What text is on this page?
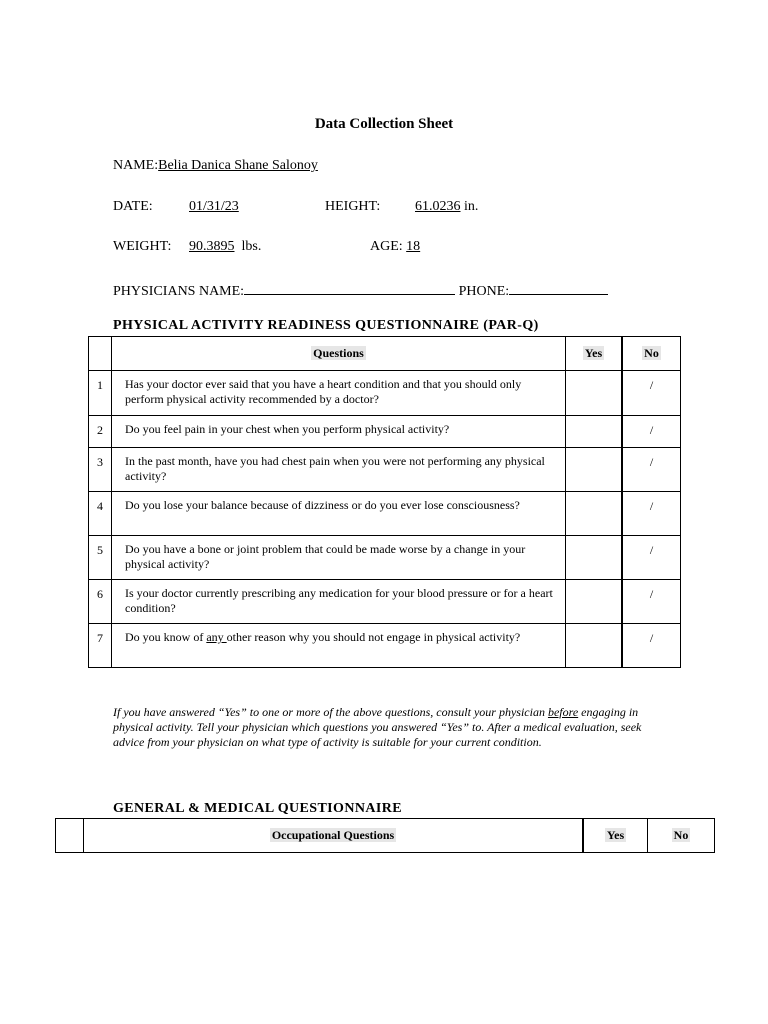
Data Collection Sheet
NAME:Belia Danica Shane Salonoy
DATE:	01/31/23	HEIGHT: 61.0236 in.
WEIGHT: 90.3895 lbs.	AGE: 18
PHYSICIANS NAME:	PHONE:
PHYSICAL ACTIVITY READINESS QUESTIONNAIRE (PAR-Q)
	Questions	Yes	No
1	Has your doctor ever said that you have a heart condition and that you should only perform physical activity recommended by a doctor?		/
2	Do you feel pain in your chest when you perform physical activity?		/
3	In the past month, have you had chest pain when you were not performing any physical activity?		/
4	Do you lose your balance because of dizziness or do you ever lose consciousness?		/
5	Do you have a bone or joint problem that could be made worse by a change in your physical activity?		/
6	Is your doctor currently prescribing any medication for your blood pressure or for a heart condition?		/
7	Do you know of any other reason why you should not engage in physical activity?		/
If you have answered “Yes” to one or more of the above questions, consult your physician before engaging in physical activity. Tell your physician which questions you answered “Yes” to. After a medical evaluation, seek advice from your physician on what type of activity is suitable for your current condition.
GENERAL & MEDICAL QUESTIONNAIRE
	Occupational Questions	Yes	No
